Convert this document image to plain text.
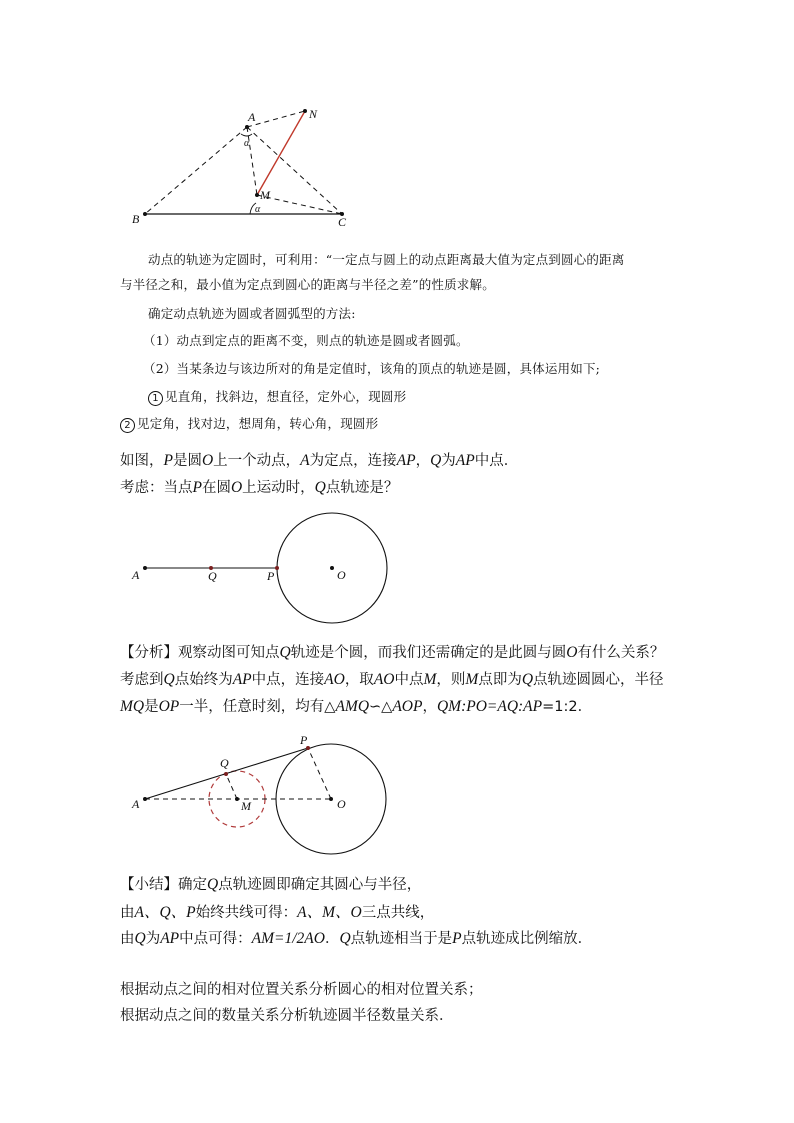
A	N
M
B	C
α
α
动点的轨迹为定圆时，可利用：“一定点与圆上的动点距离最大值为定点到圆心的距离
与半径之和，最小值为定点到圆心的距离与半径之差”的性质求解。
确定动点轨迹为圆或者圆弧型的方法:
（1）动点到定点的距离不变，则点的轨迹是圆或者圆弧。
（2）当某条边与该边所对的角是定值时，该角的顶点的轨迹是圆，具体运用如下;
1 见直角，找斜边，想直径，定外心，现圆形
2 见定角，找对边，想周角，转心角，现圆形
如图，P是圆O上一个动点，A为定点，连接AP，Q为AP中点．
考虑：当点P在圆O上运动时，Q点轨迹是？
A	Q	P	O
【分析】观察动图可知点Q轨迹是个圆，而我们还需确定的是此圆与圆O有什么关系？
考虑到Q点始终为AP中点，连接AO，取AO中点M，则M点即为Q点轨迹圆圆心，半径
MQ是OP一半，任意时刻，均有△AMQ∽△AOP，QM:PO=AQ:AP=1:2．
P
Q
A	M	O
【小结】确定Q点轨迹圆即确定其圆心与半径，
由A、Q、P始终共线可得：A、M、O三点共线，
由Q为AP中点可得：AM=1/2AO．Q点轨迹相当于是P点轨迹成比例缩放．
根据动点之间的相对位置关系分析圆心的相对位置关系；
根据动点之间的数量关系分析轨迹圆半径数量关系．
